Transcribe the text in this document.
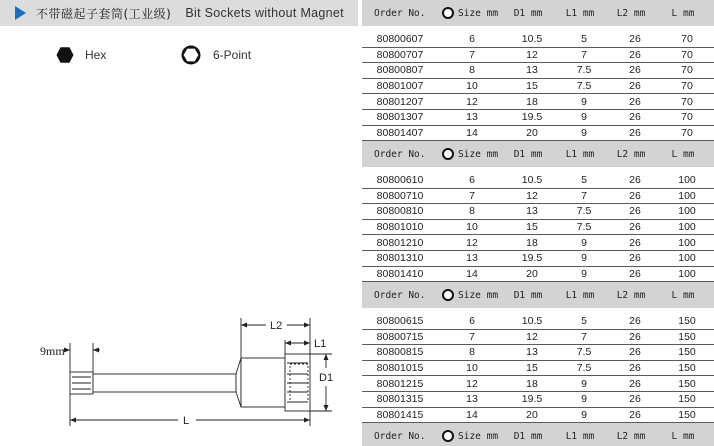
不带磁起子套筒(工业级) Bit Sockets without Magnet
Hex	6-Point
9mm
L2
L1
D1
L
Order No.	Size mm	D1 mm	L1 mm	L2 mm	L mm
80800607	6	10.5	5	26	70
80800707	7	12	7	26	70
80800807	8	13	7.5	26	70
80801007	10	15	7.5	26	70
80801207	12	18	9	26	70
80801307	13	19.5	9	26	70
80801407	14	20	9	26	70
Order No.	Size mm	D1 mm	L1 mm	L2 mm	L mm
80800610	6	10.5	5	26	100
80800710	7	12	7	26	100
80800810	8	13	7.5	26	100
80801010	10	15	7.5	26	100
80801210	12	18	9	26	100
80801310	13	19.5	9	26	100
80801410	14	20	9	26	100
Order No.	Size mm	D1 mm	L1 mm	L2 mm	L mm
80800615	6	10.5	5	26	150
80800715	7	12	7	26	150
80800815	8	13	7.5	26	150
80801015	10	15	7.5	26	150
80801215	12	18	9	26	150
80801315	13	19.5	9	26	150
80801415	14	20	9	26	150
Order No.	Size mm	D1 mm	L1 mm	L2 mm	L mm
